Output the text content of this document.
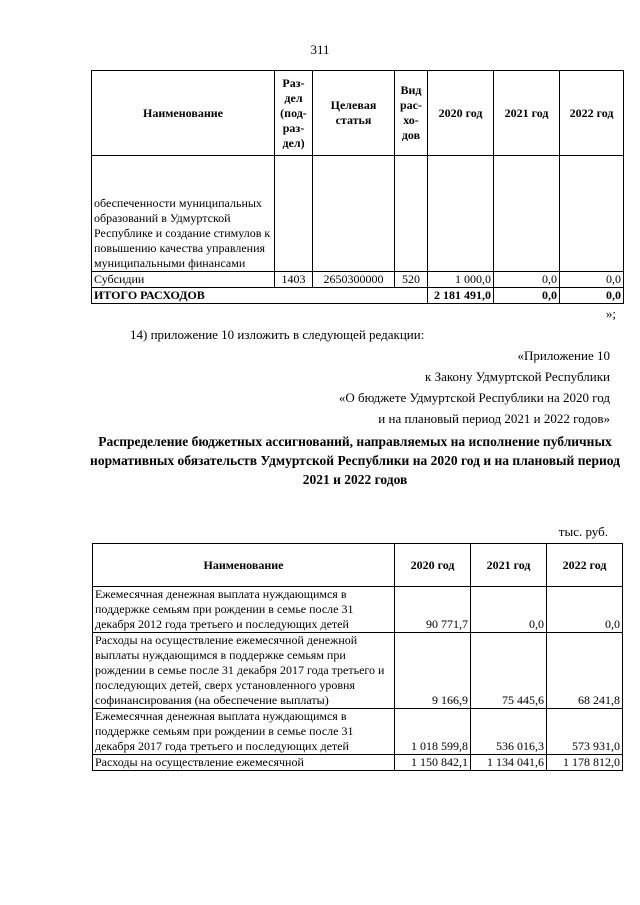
311
Наименование	Раз-дел (под-раз-дел)	Целевая статья	Вид рас-хо-дов	2020 год	2021 год	2022 год
обеспеченности муниципальных образований в Удмуртской Республике и создание стимулов к повышению качества управления муниципальными финансами						
Субсидии	1403	2650300000	520	1 000,0	0,0	0,0
ИТОГО РАСХОДОВ				2 181 491,0	0,0	0,0
»;
14) приложение 10 изложить в следующей редакции:
«Приложение 10
к Закону Удмуртской Республики
«О бюджете Удмуртской Республики на 2020 год
и на плановый период 2021 и 2022 годов»
Распределение бюджетных ассигнований, направляемых на исполнение публичных нормативных обязательств Удмуртской Республики на 2020 год и на плановый период 2021 и 2022 годов
тыс. руб.
Наименование	2020 год	2021 год	2022 год
Ежемесячная денежная выплата нуждающимся в поддержке семьям при рождении в семье после 31 декабря 2012 года третьего и последующих детей	90 771,7	0,0	0,0
Расходы на осуществление ежемесячной денежной выплаты нуждающимся в поддержке семьям при рождении в семье после 31 декабря 2017 года третьего и последующих детей, сверх установленного уровня софинансирования (на обеспечение выплаты)	9 166,9	75 445,6	68 241,8
Ежемесячная денежная выплата нуждающимся в поддержке семьям при рождении в семье после 31 декабря 2017 года третьего и последующих детей	1 018 599,8	536 016,3	573 931,0
Расходы на осуществление ежемесячной	1 150 842,1	1 134 041,6	1 178 812,0
